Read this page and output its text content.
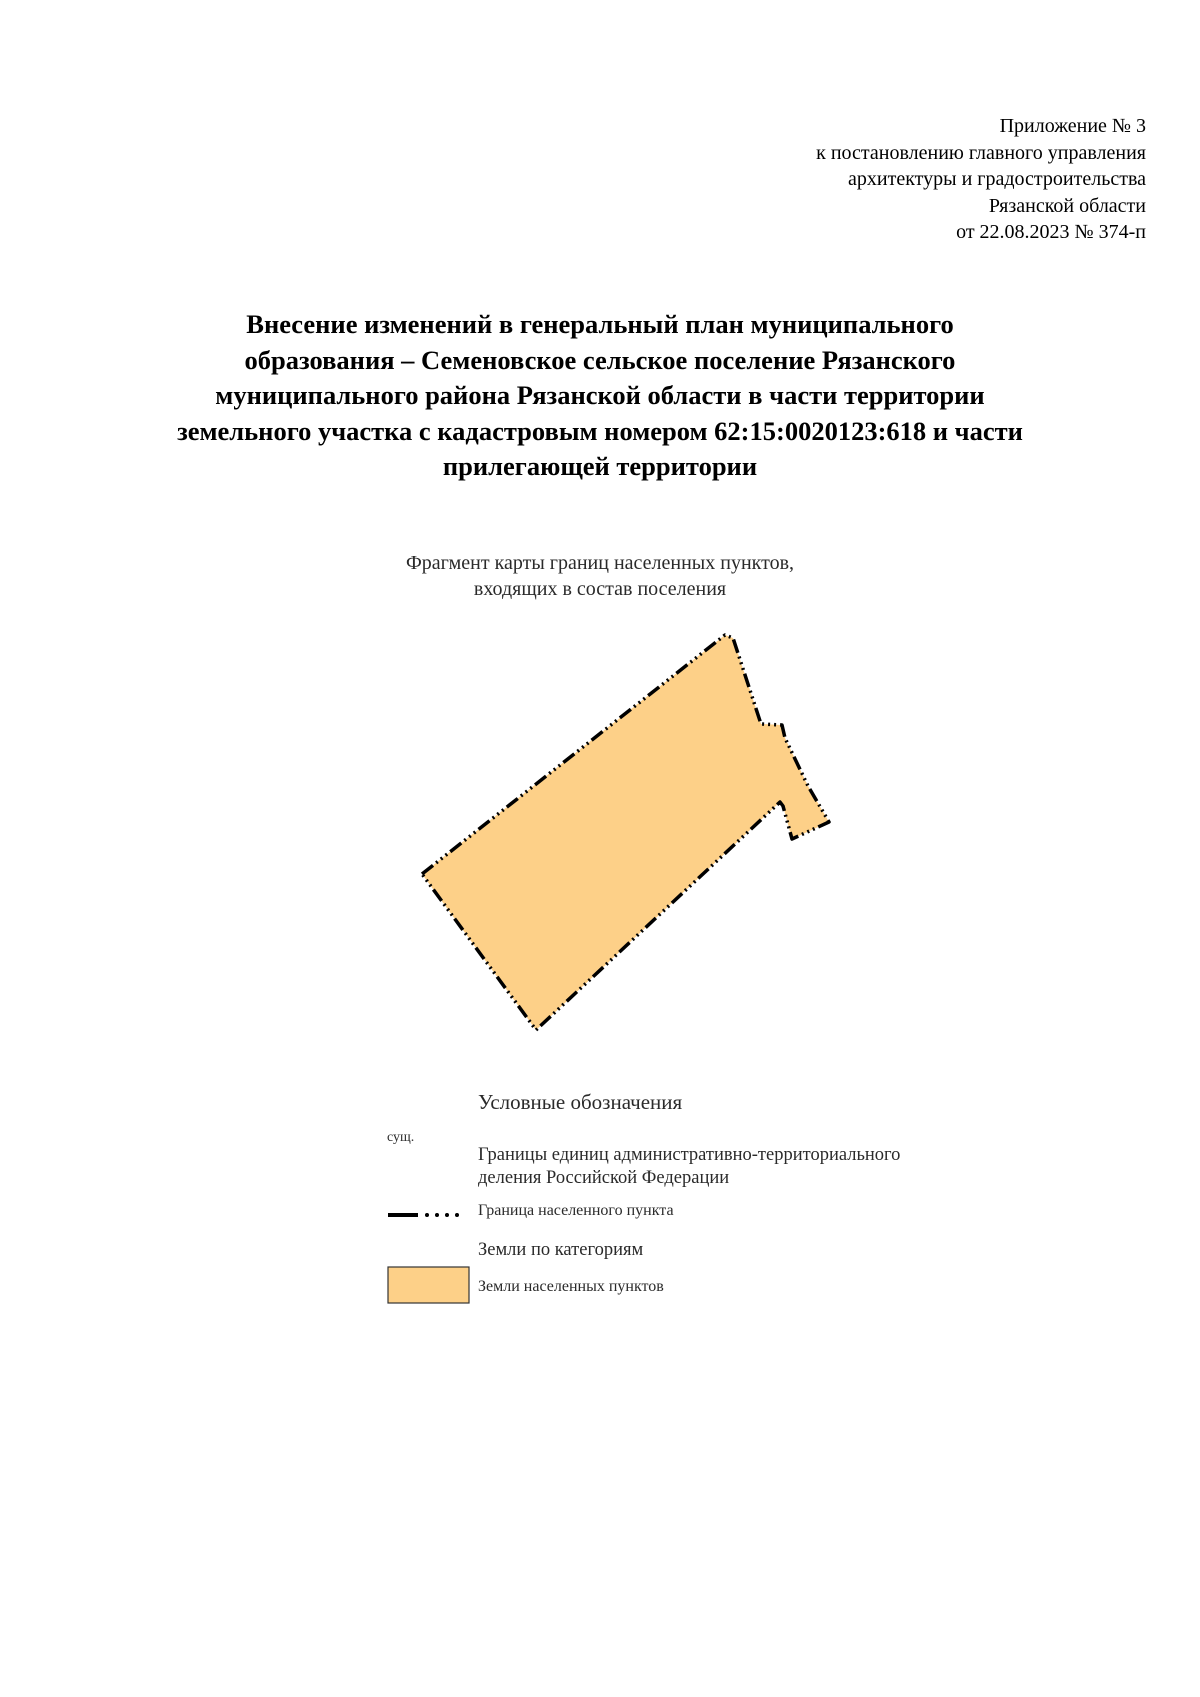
Приложение № 3
к постановлению главного управления
архитектуры и градостроительства
Рязанской области
от 22.08.2023 № 374-п
Внесение изменений в генеральный план муниципального
образования – Семеновское сельское поселение Рязанского
муниципального района Рязанской области в части территории
земельного участка с кадастровым номером 62:15:0020123:618 и части
прилегающей территории
Фрагмент карты границ населенных пунктов,
входящих в состав поселения
Условные обозначения
сущ.
Границы единиц административно-территориального
деления Российской Федерации
Граница населенного пункта
Земли по категориям
Земли населенных пунктов
